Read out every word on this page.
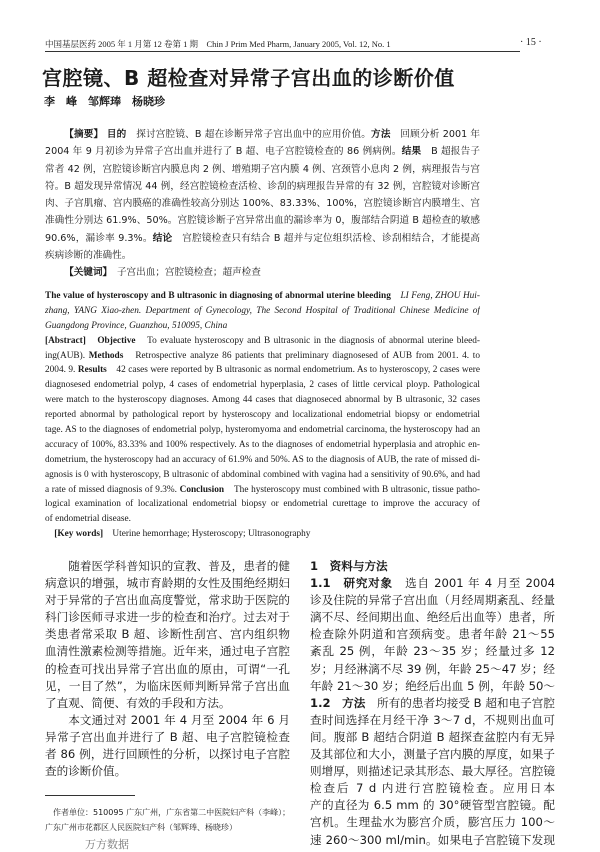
中国基层医药 2005 年 1 月第 12 卷第 1 期　Chin J Prim Med Pharm, January 2005, Vol. 12, No. 1	· 15 ·
宫腔镜、B 超检查对异常子宫出血的诊断价值
李　峰　邹辉琫　杨晓珍
【摘要】 目的　探讨宫腔镜、B 超在诊断异常子宫出血中的应用价值。方法　回顾分析 2001 年
2004 年 9 月初诊为异常子宫出血并进行了 B 超、电子宫腔镜检查的 86 例病例。结果　B 超报告子
常者 42 例，宫腔镜诊断宫内膜息肉 2 例、增殖期子宫内膜 4 例、宫颈管小息肉 2 例，病理报告与宫
符。B 超发现异常情况 44 例，经宫腔镜检查活检、诊刮的病理报告异常的有 32 例，宫腔镜对诊断宫
肉、子宫肌瘤、宫内膜癌的准确性较高分别达 100%、83.33%、100%，宫腔镜诊断宫内膜增生、宫
准确性分别达 61.9%、50%。宫腔镜诊断子宫异常出血的漏诊率为 0，腹部结合阴道 B 超检查的敏感
90.6%，漏诊率 9.3%。结论　宫腔镜检查只有结合 B 超并与定位组织活检、诊刮相结合，才能提高
疾病诊断的准确性。
【关键词】　子宫出血；宫腔镜检查；超声检查
The value of hysteroscopy and B ultrasonic in diagnosing of abnormal uterine bleeding　LI Feng, ZHOU Hui-
zhang, YANG Xiao-zhen. Department of Gynecology, The Second Hospital of Traditional Chinese Medicine of
Guangdong Province, Guanzhou, 510095, China
[Abstract]　Objective　To evaluate hysteroscopy and B ultrasonic in the diagnosis of abnormal uterine bleed-
ing(AUB). Methods　Retrospective analyze 86 patients that preliminary diagnosesed of AUB from 2001. 4. to
2004. 9. Results　42 cases were reported by B ultrasonic as normal endometrium. As to hysteroscopy, 2 cases were
diagnosesed endometrial polyp, 4 cases of endometrial hyperplasia, 2 cases of little cervical ployp. Pathological
were match to the hysteroscopy diagnoses. Among 44 cases that diagnoseced abnormal by B ultrasonic, 32 cases
reported abnormal by pathological report by hysteroscopy and localizational endometrial biopsy or endometrial
tage. AS to the diagnoses of endometrial polyp, hysteromyoma and endometrial carcinoma, the hysteroscopy had an
accuracy of 100%, 83.33% and 100% respectively. As to the diagnoses of endometrial hyperplasia and atrophic en-
dometrium, the hysteroscopy had an accuracy of 61.9% and 50%. AS to the diagnosis of AUB, the rate of missed di-
agnosis is 0 with hysteroscopy, B ultrasonic of abdominal combined with vagina had a sensitivity of 90.6%, and had
a rate of missed diagnosis of 9.3%. Conclusion　The hysteroscopy must combined with B ultrasonic, tissue patho-
logical examination of localizational endometrial biopsy or endometrial curettage to improve the accuracy of
of endometrial disease.
[Key words]　Uterine hemorrhage; Hysteroscopy; Ultrasonography
随着医学科普知识的宣教、普及，患者的健
病意识的增强，城市育龄期的女性及围绝经期妇
对于异常的子宫出血高度警觉，常求助于医院的
科门诊医师寻求进一步的检查和治疗。过去对于
类患者常采取 B 超、诊断性刮宫、宫内组织物
血清性激素检测等措施。近年来，通过电子宫腔
的检查可找出异常子宫出血的原由，可谓“一孔
见，一目了然”，为临床医师判断异常子宫出血
了直观、简便、有效的手段和方法。
本文通过对 2001 年 4 月至 2004 年 6 月
异常子宫出血并进行了 B 超、电子宫腔镜检查
者 86 例，进行回顾性的分析，以探讨电子宫腔
查的诊断价值。
1　资料与方法
1.1　研究对象　选自 2001 年 4 月至 2004
诊及住院的异常子宫出血（月经周期紊乱、经量
漓不尽、经间期出血、绝经后出血等）患者，所
检查除外阴道和宫颈病变。患者年龄 21～55
紊乱 25 例，年龄 23～35 岁；经量过多 12
岁；月经淋漓不尽 39 例，年龄 25～47 岁；经
年龄 21～30 岁；绝经后出血 5 例，年龄 50～
1.2　方法　所有的患者均接受 B 超和电子宫腔
查时间选择在月经干净 3～7 d，不规则出血可
间。腹部 B 超结合阴道 B 超探查盆腔内有无异
及其部位和大小，测量子宫内膜的厚度，如果子
则增厚，则描述记录其形态、最大厚径。宫腔镜
检查后 7 d 内进行宫腔镜检查。应用日本
产的直径为 6.5 mm 的 30°硬管型宫腔镜。配
宫机。生理盐水为膨宫介质，膨宫压力 100～
速 260～300 ml/min。如果电子宫腔镜下发现
作者单位：510095 广东广州，广东省第二中医院妇产科（李峰）；
广东广州市花都区人民医院妇产科（邹辉琫、杨晓珍）
万方数据
